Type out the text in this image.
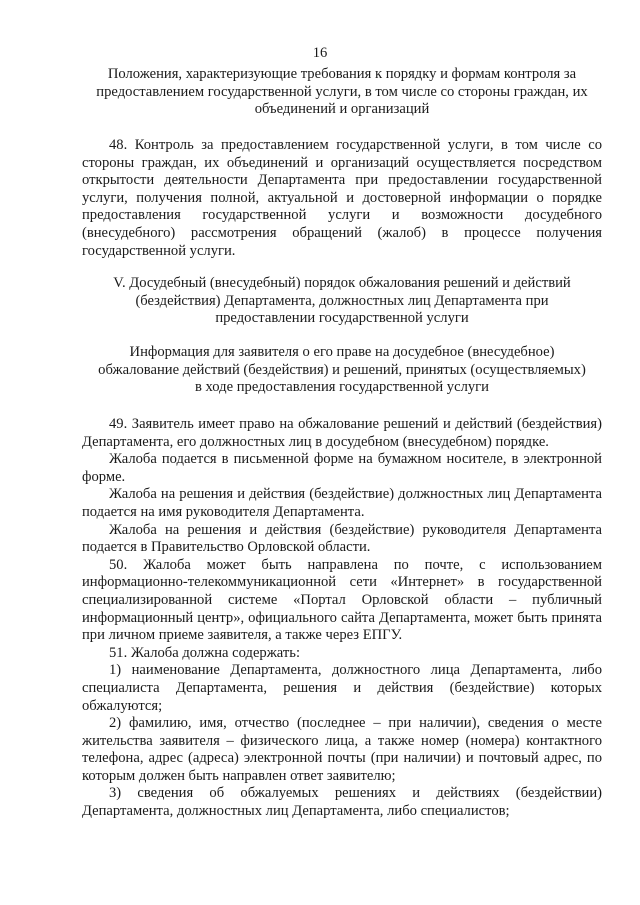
16
Положения, характеризующие требования к порядку и формам контроля за
предоставлением государственной услуги, в том числе со стороны граждан, их
объединений и организаций

48. Контроль за предоставлением государственной услуги, в том числе со стороны граждан, их объединений и организаций осуществляется посредством открытости деятельности Департамента при предоставлении государственной услуги, получения полной, актуальной и достоверной информации о порядке предоставления государственной услуги и возможности досудебного (внесудебного) рассмотрения обращений (жалоб) в процессе получения государственной услуги.

V. Досудебный (внесудебный) порядок обжалования решений и действий
(бездействия) Департамента, должностных лиц Департамента при
предоставлении государственной услуги
Информация для заявителя о его праве на досудебное (внесудебное)
обжалование действий (бездействия) и решений, принятых (осуществляемых)
в ходе предоставления государственной услуги

49. Заявитель имеет право на обжалование решений и действий (бездействия) Департамента, его должностных лиц в досудебном (внесудебном) порядке.

Жалоба подается в письменной форме на бумажном носителе, в электронной форме.

Жалоба на решения и действия (бездействие) должностных лиц Департамента подается на имя руководителя Департамента.

Жалоба на решения и действия (бездействие) руководителя Департамента подается в Правительство Орловской области.

50. Жалоба может быть направлена по почте, с использованием информационно-телекоммуникационной сети «Интернет» в государственной специализированной системе «Портал Орловской области – публичный информационный центр», официального сайта Департамента, может быть принята при личном приеме заявителя, а также через ЕПГУ.

51. Жалоба должна содержать:

1) наименование Департамента, должностного лица Департамента, либо специалиста Департамента, решения и действия (бездействие) которых обжалуются;

2) фамилию, имя, отчество (последнее – при наличии), сведения о месте жительства заявителя – физического лица, а также номер (номера) контактного телефона, адрес (адреса) электронной почты (при наличии) и почтовый адрес, по которым должен быть направлен ответ заявителю;

3) сведения об обжалуемых решениях и действиях (бездействии) Департамента, должностных лиц Департамента, либо специалистов;
